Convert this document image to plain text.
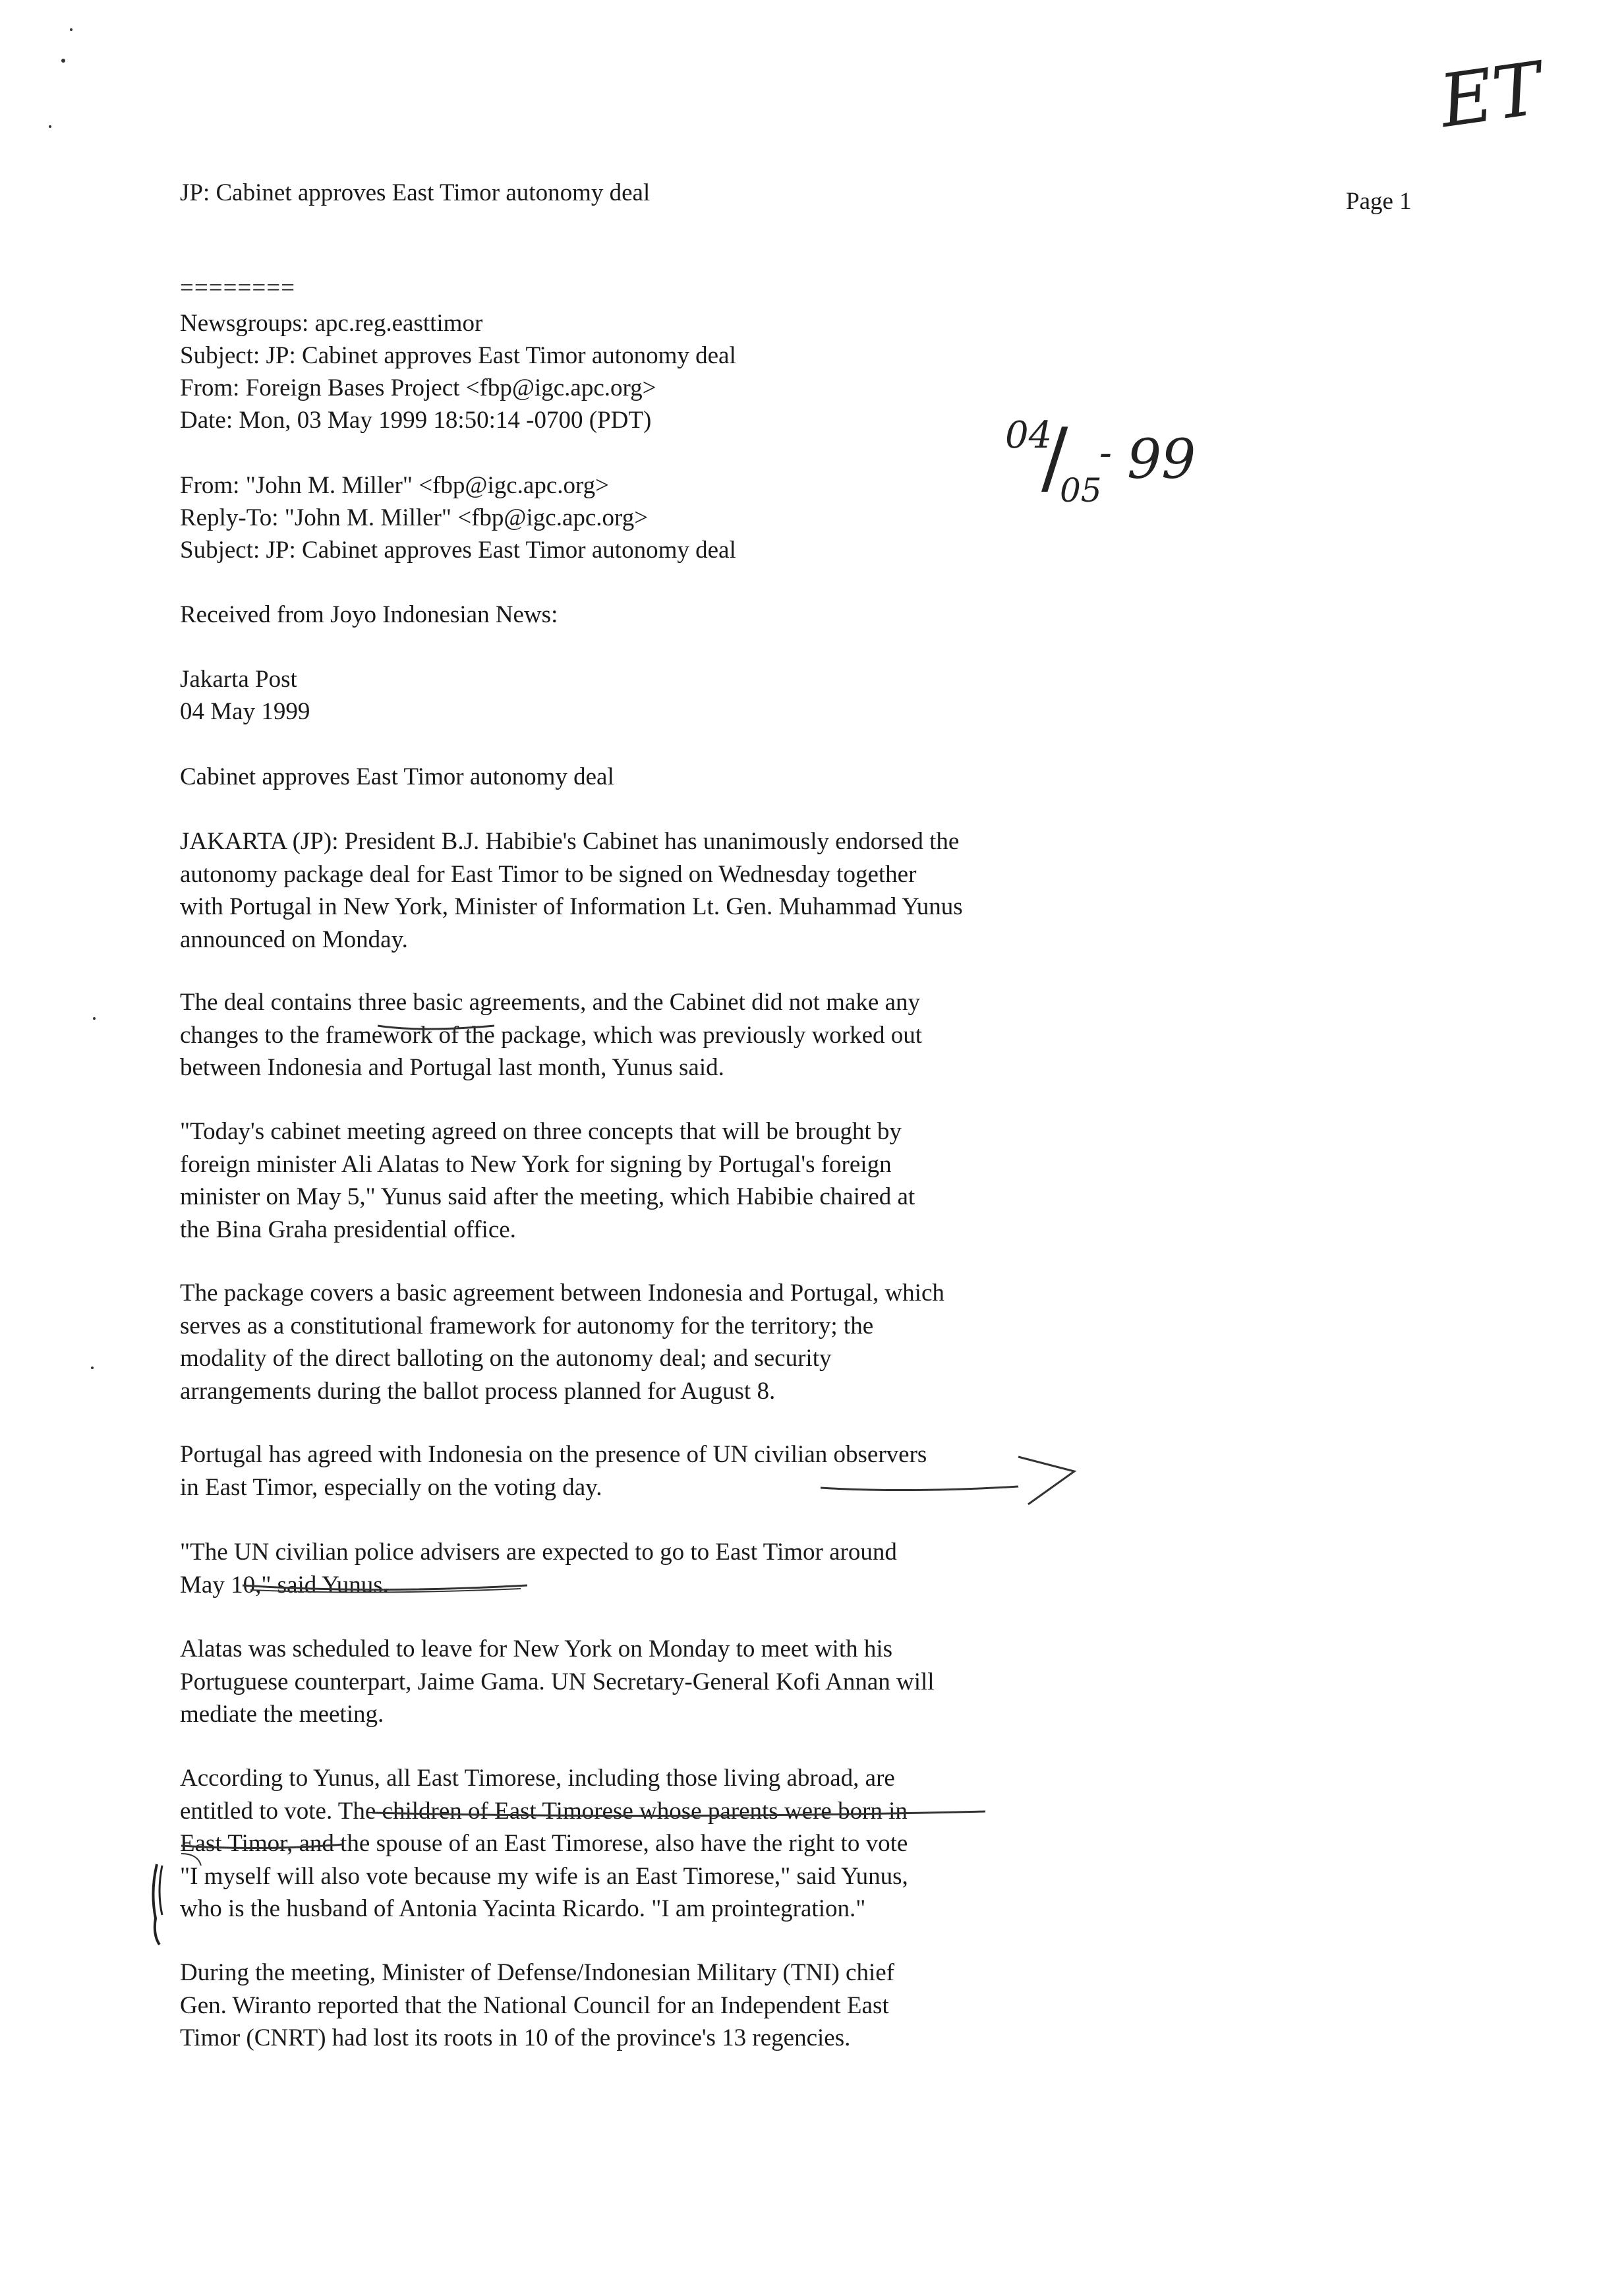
JP: Cabinet approves East Timor autonomy deal	Page 1
ET
========
Newsgroups: apc.reg.easttimor
Subject: JP: Cabinet approves East Timor autonomy deal
From: Foreign Bases Project <fbp@igc.apc.org>
Date: Mon, 03 May 1999 18:50:14 -0700 (PDT)	04
/
05
- 99
From: "John M. Miller" <fbp@igc.apc.org>
Reply-To: "John M. Miller" <fbp@igc.apc.org>
Subject: JP: Cabinet approves East Timor autonomy deal
Received from Joyo Indonesian News:
Jakarta Post
04 May 1999
Cabinet approves East Timor autonomy deal

JAKARTA (JP): President B.J. Habibie's Cabinet has unanimously endorsed the
autonomy package deal for East Timor to be signed on Wednesday together
with Portugal in New York, Minister of Information Lt. Gen. Muhammad Yunus
announced on Monday.

The deal contains three basic agreements, and the Cabinet did not make any
changes to the framework of the package, which was previously worked out
between Indonesia and Portugal last month, Yunus said.

"Today's cabinet meeting agreed on three concepts that will be brought by
foreign minister Ali Alatas to New York for signing by Portugal's foreign
minister on May 5," Yunus said after the meeting, which Habibie chaired at
the Bina Graha presidential office.

The package covers a basic agreement between Indonesia and Portugal, which
serves as a constitutional framework for autonomy for the territory; the
modality of the direct balloting on the autonomy deal; and security
arrangements during the ballot process planned for August 8.

Portugal has agreed with Indonesia on the presence of UN civilian observers
in East Timor, especially on the voting day.

"The UN civilian police advisers are expected to go to East Timor around
May 10," said Yunus.

Alatas was scheduled to leave for New York on Monday to meet with his
Portuguese counterpart, Jaime Gama. UN Secretary-General Kofi Annan will
mediate the meeting.

According to Yunus, all East Timorese, including those living abroad, are
entitled to vote. The children of East Timorese whose parents were born in
East Timor, and the spouse of an East Timorese, also have the right to vote
"I myself will also vote because my wife is an East Timorese," said Yunus,
who is the husband of Antonia Yacinta Ricardo. "I am prointegration."

During the meeting, Minister of Defense/Indonesian Military (TNI) chief
Gen. Wiranto reported that the National Council for an Independent East
Timor (CNRT) had lost its roots in 10 of the province's 13 regencies.
